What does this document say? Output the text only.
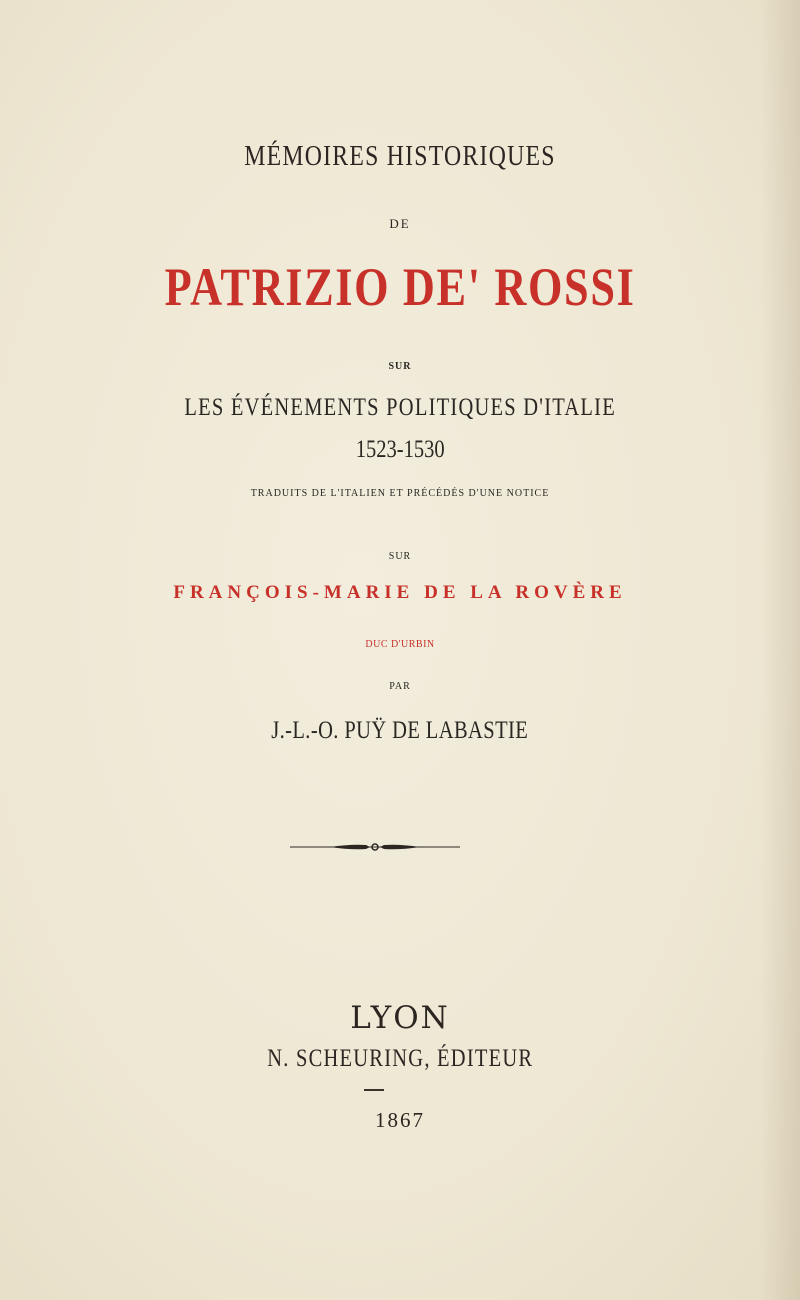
MÉMOIRES HISTORIQUES
DE
PATRIZIO DE' ROSSI
SUR
LES ÉVÉNEMENTS POLITIQUES D'ITALIE
1523-1530
TRADUITS DE L'ITALIEN ET PRÉCÉDÉS D'UNE NOTICE
SUR
FRANÇOIS-MARIE DE LA ROVÈRE
DUC D'URBIN
PAR
J.-L.-O. PUŸ DE LABASTIE
LYON
N. SCHEURING, ÉDITEUR
1867
